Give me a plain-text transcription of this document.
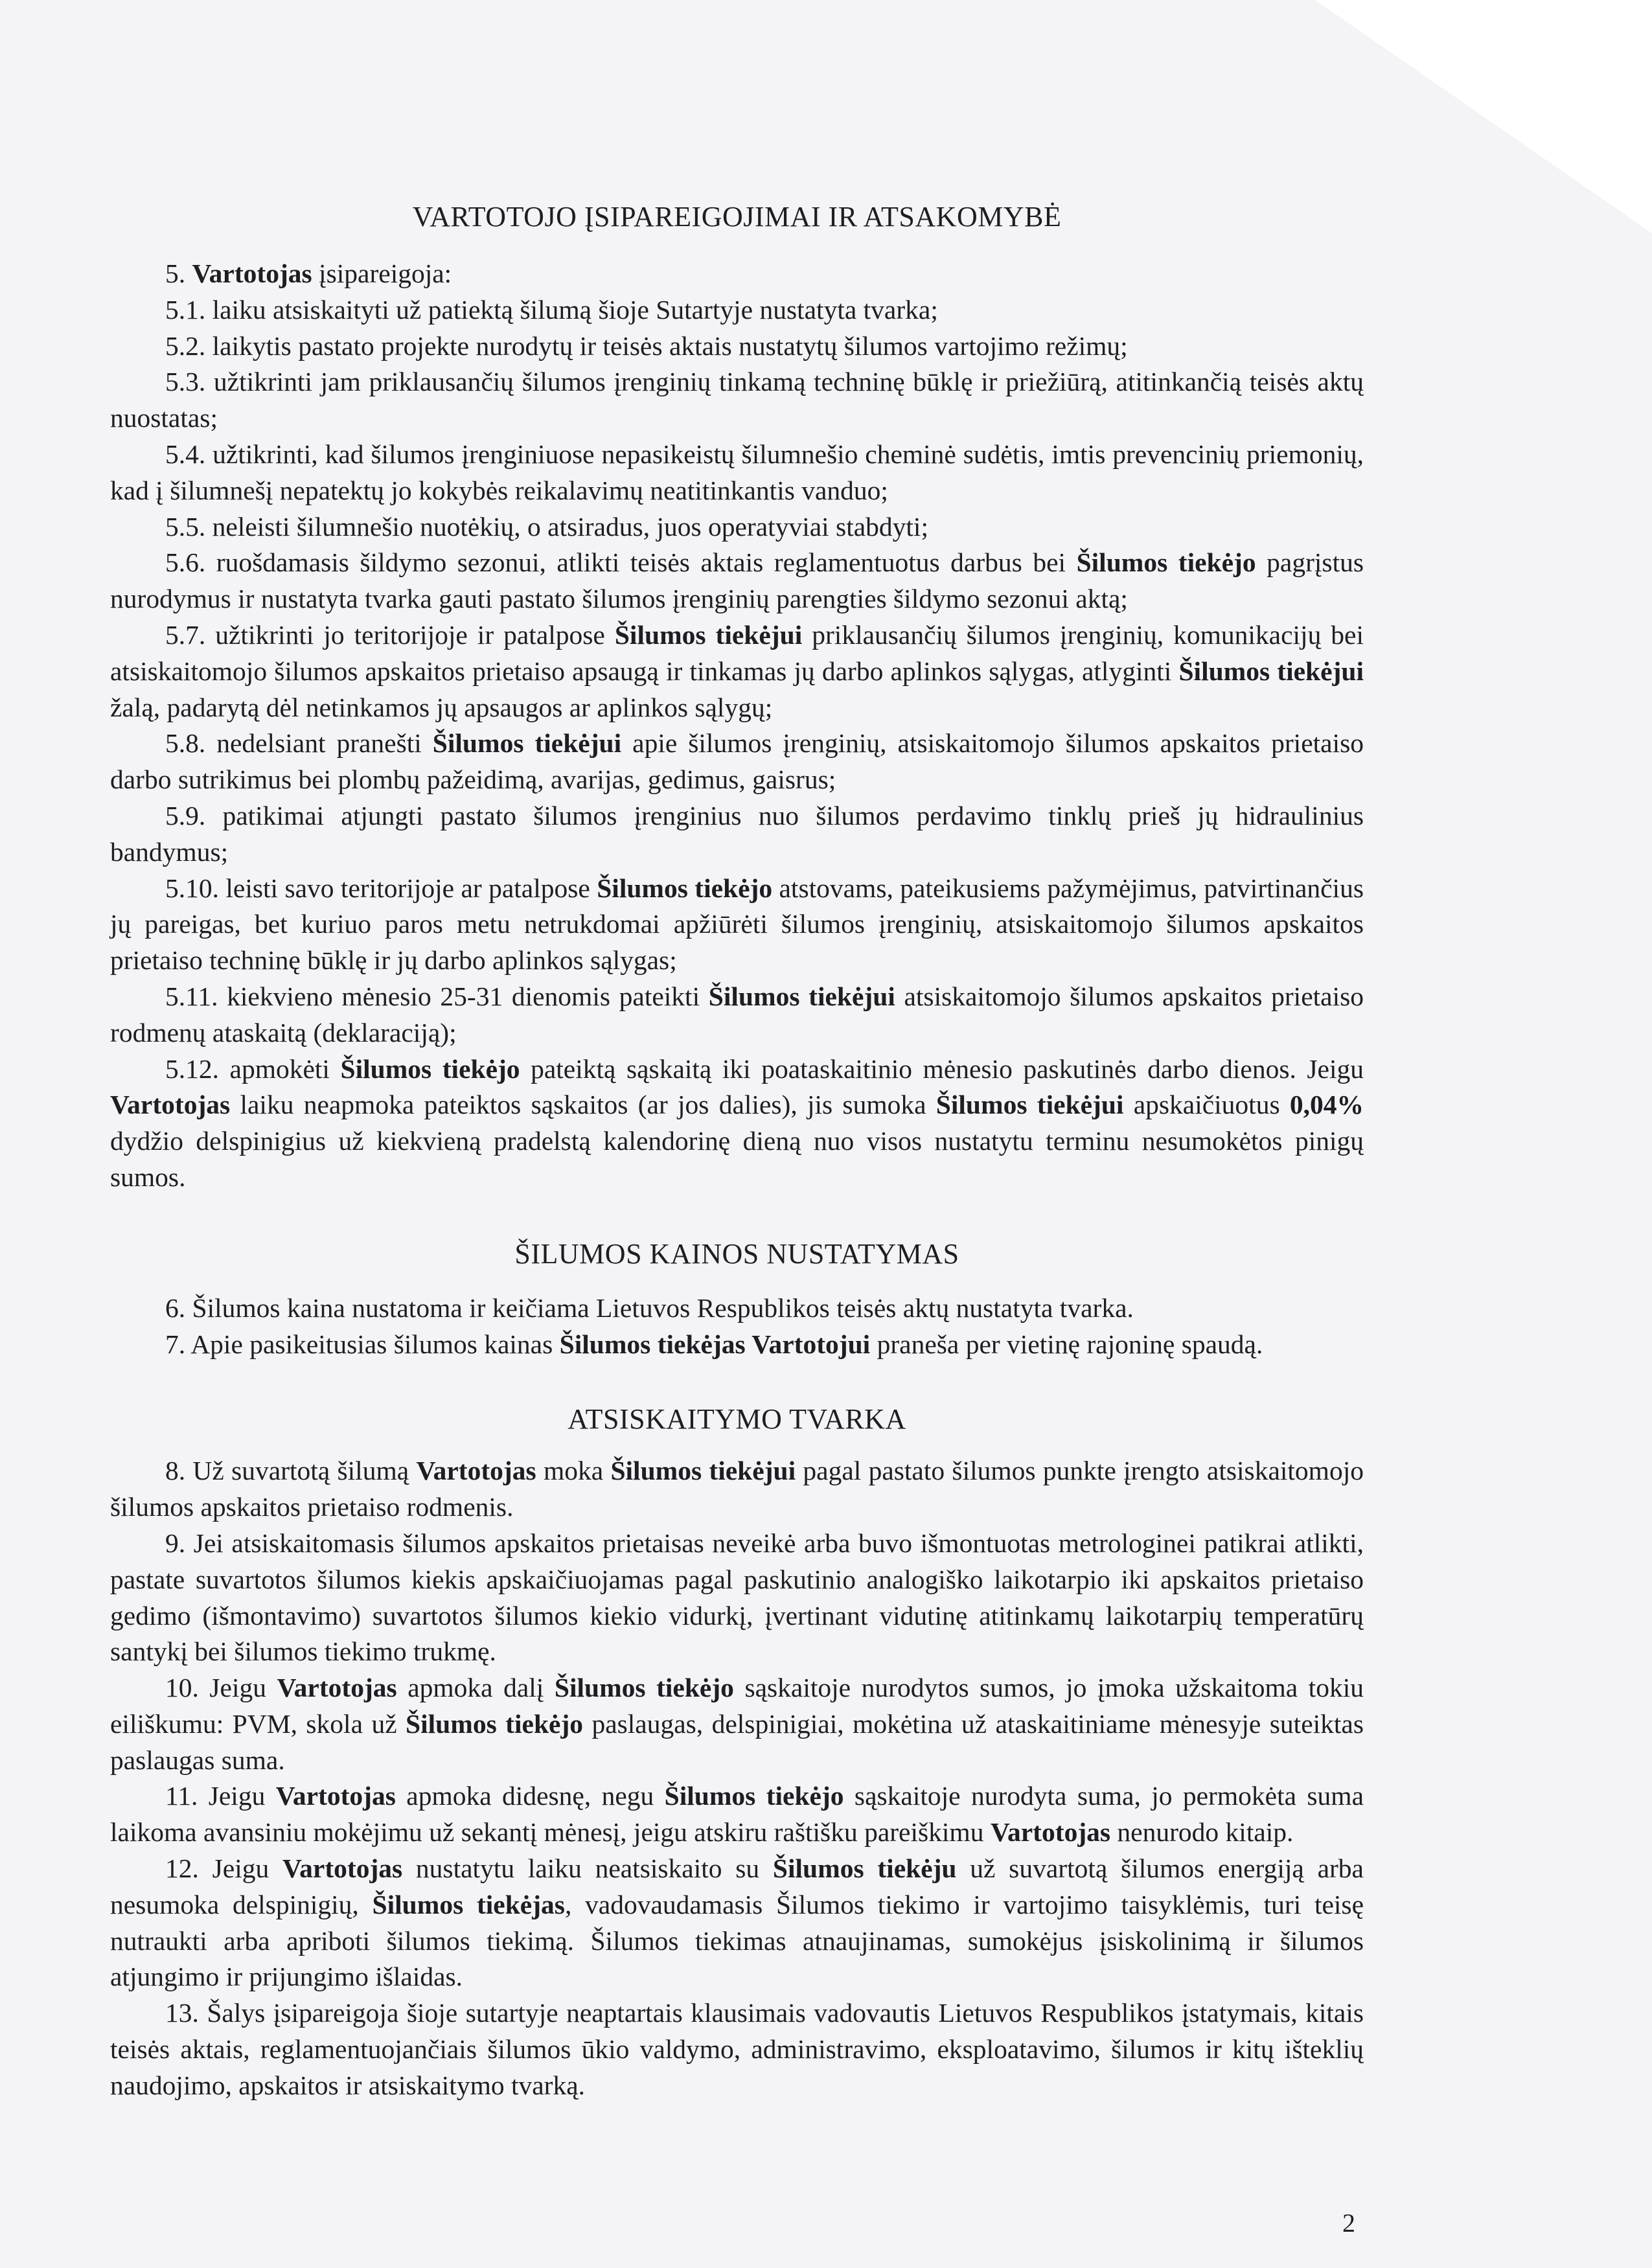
VARTOTOJO ĮSIPAREIGOJIMAI IR ATSAKOMYBĖ

5. Vartotojas įsipareigoja:

5.1. laiku atsiskaityti už patiektą šilumą šioje Sutartyje nustatyta tvarka;

5.2. laikytis pastato projekte nurodytų ir teisės aktais nustatytų šilumos vartojimo režimų;

5.3. užtikrinti jam priklausančių šilumos įrenginių tinkamą techninę būklę ir priežiūrą, atitinkančią teisės aktų nuostatas;

5.4. užtikrinti, kad šilumos įrenginiuose nepasikeistų šilumnešio cheminė sudėtis, imtis prevencinių priemonių, kad į šilumnešį nepatektų jo kokybės reikalavimų neatitinkantis vanduo;

5.5. neleisti šilumnešio nuotėkių, o atsiradus, juos operatyviai stabdyti;

5.6. ruošdamasis šildymo sezonui, atlikti teisės aktais reglamentuotus darbus bei Šilumos tiekėjo pagrįstus nurodymus ir nustatyta tvarka gauti pastato šilumos įrenginių parengties šildymo sezonui aktą;

5.7. užtikrinti jo teritorijoje ir patalpose Šilumos tiekėjui priklausančių šilumos įrenginių, komunikacijų bei atsiskaitomojo šilumos apskaitos prietaiso apsaugą ir tinkamas jų darbo aplinkos sąlygas, atlyginti Šilumos tiekėjui žalą, padarytą dėl netinkamos jų apsaugos ar aplinkos sąlygų;

5.8. nedelsiant pranešti Šilumos tiekėjui apie šilumos įrenginių, atsiskaitomojo šilumos apskaitos prietaiso darbo sutrikimus bei plombų pažeidimą, avarijas, gedimus, gaisrus;

5.9. patikimai atjungti pastato šilumos įrenginius nuo šilumos perdavimo tinklų prieš jų hidraulinius bandymus;

5.10. leisti savo teritorijoje ar patalpose Šilumos tiekėjo atstovams, pateikusiems pažymėjimus, patvirtinančius jų pareigas, bet kuriuo paros metu netrukdomai apžiūrėti šilumos įrenginių, atsiskaitomojo šilumos apskaitos prietaiso techninę būklę ir jų darbo aplinkos sąlygas;

5.11. kiekvieno mėnesio 25-31 dienomis pateikti Šilumos tiekėjui atsiskaitomojo šilumos apskaitos prietaiso rodmenų ataskaitą (deklaraciją);

5.12. apmokėti Šilumos tiekėjo pateiktą sąskaitą iki poataskaitinio mėnesio paskutinės darbo dienos. Jeigu Vartotojas laiku neapmoka pateiktos sąskaitos (ar jos dalies), jis sumoka Šilumos tiekėjui apskaičiuotus 0,04% dydžio delspinigius už kiekvieną pradelstą kalendorinę dieną nuo visos nustatytu terminu nesumokėtos pinigų sumos.

ŠILUMOS KAINOS NUSTATYMAS

6. Šilumos kaina nustatoma ir keičiama Lietuvos Respublikos teisės aktų nustatyta tvarka.

7. Apie pasikeitusias šilumos kainas Šilumos tiekėjas Vartotojui praneša per vietinę rajoninę spaudą.

ATSISKAITYMO TVARKA

8. Už suvartotą šilumą Vartotojas moka Šilumos tiekėjui pagal pastato šilumos punkte įrengto atsiskaitomojo šilumos apskaitos prietaiso rodmenis.

9. Jei atsiskaitomasis šilumos apskaitos prietaisas neveikė arba buvo išmontuotas metrologinei patikrai atlikti, pastate suvartotos šilumos kiekis apskaičiuojamas pagal paskutinio analogiško laikotarpio iki apskaitos prietaiso gedimo (išmontavimo) suvartotos šilumos kiekio vidurkį, įvertinant vidutinę atitinkamų laikotarpių temperatūrų santykį bei šilumos tiekimo trukmę.

10. Jeigu Vartotojas apmoka dalį Šilumos tiekėjo sąskaitoje nurodytos sumos, jo įmoka užskaitoma tokiu eiliškumu: PVM, skola už Šilumos tiekėjo paslaugas, delspinigiai, mokėtina už ataskaitiniame mėnesyje suteiktas paslaugas suma.

11. Jeigu Vartotojas apmoka didesnę, negu Šilumos tiekėjo sąskaitoje nurodyta suma, jo permokėta suma laikoma avansiniu mokėjimu už sekantį mėnesį, jeigu atskiru raštišku pareiškimu Vartotojas nenurodo kitaip.

12. Jeigu Vartotojas nustatytu laiku neatsiskaito su Šilumos tiekėju už suvartotą šilumos energiją arba nesumoka delspinigių, Šilumos tiekėjas, vadovaudamasis Šilumos tiekimo ir vartojimo taisyklėmis, turi teisę nutraukti arba apriboti šilumos tiekimą. Šilumos tiekimas atnaujinamas, sumokėjus įsiskolinimą ir šilumos atjungimo ir prijungimo išlaidas.

13. Šalys įsipareigoja šioje sutartyje neaptartais klausimais vadovautis Lietuvos Respublikos įstatymais, kitais teisės aktais, reglamentuojančiais šilumos ūkio valdymo, administravimo, eksploatavimo, šilumos ir kitų išteklių naudojimo, apskaitos ir atsiskaitymo tvarką.

2
